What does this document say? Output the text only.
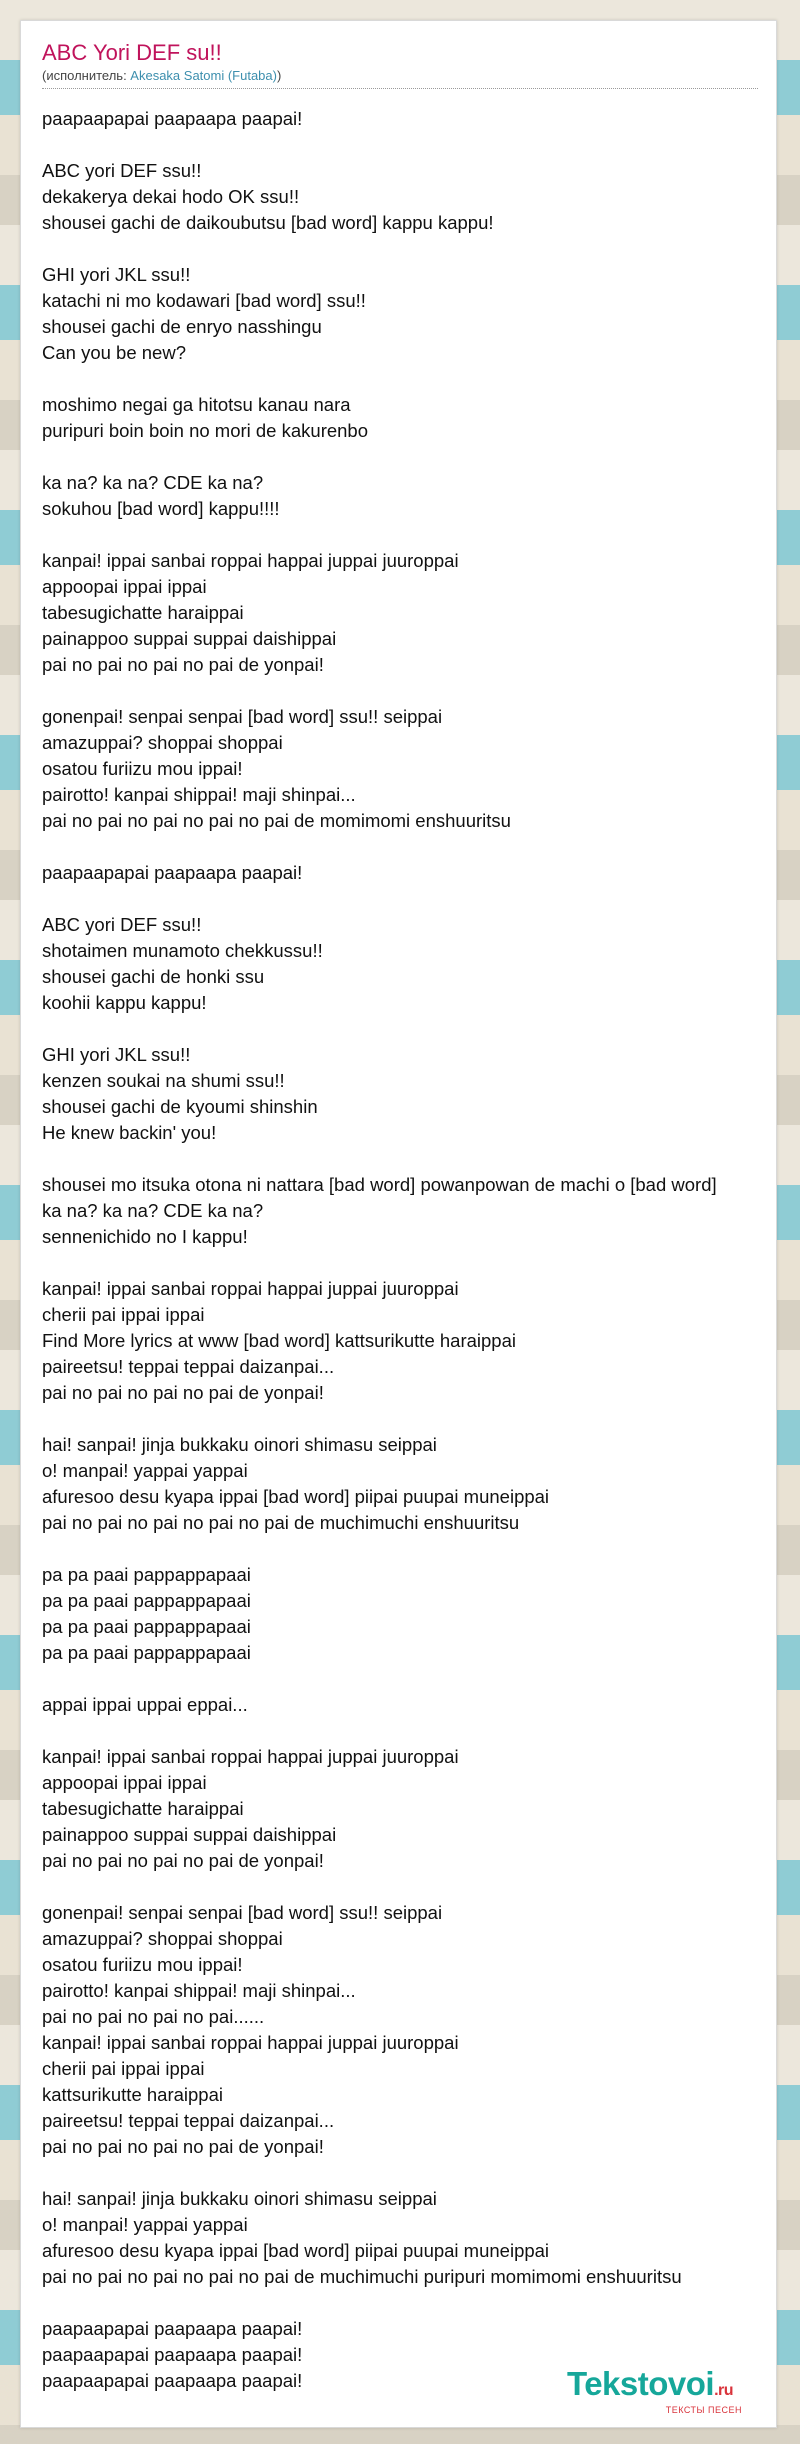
ABC Yori DEF su!!
(исполнитель: Akesaka Satomi (Futaba))
paapaapapai paapaapa paapai!
ABC yori DEF ssu!!
dekakerya dekai hodo OK ssu!!
shousei gachi de daikoubutsu [bad word] kappu kappu!
GHI yori JKL ssu!!
katachi ni mo kodawari [bad word] ssu!!
shousei gachi de enryo nasshingu
Can you be new?
moshimo negai ga hitotsu kanau nara
puripuri boin boin no mori de kakurenbo
ka na? ka na? CDE ka na?
sokuhou [bad word] kappu!!!!
kanpai! ippai sanbai roppai happai juppai juuroppai
appoopai ippai ippai
tabesugichatte haraippai
painappoo suppai suppai daishippai
pai no pai no pai no pai de yonpai!
gonenpai! senpai senpai [bad word] ssu!! seippai
amazuppai? shoppai shoppai
osatou furiizu mou ippai!
pairotto! kanpai shippai! maji shinpai...
pai no pai no pai no pai no pai de momimomi enshuuritsu
paapaapapai paapaapa paapai!
ABC yori DEF ssu!!
shotaimen munamoto chekkussu!!
shousei gachi de honki ssu
koohii kappu kappu!
GHI yori JKL ssu!!
kenzen soukai na shumi ssu!!
shousei gachi de kyoumi shinshin
He knew backin' you!
shousei mo itsuka otona ni nattara [bad word] powanpowan de machi o [bad word]
ka na? ka na? CDE ka na?
sennenichido no I kappu!
kanpai! ippai sanbai roppai happai juppai juuroppai
cherii pai ippai ippai
Find More lyrics at www [bad word] kattsurikutte haraippai
paireetsu! teppai teppai daizanpai...
pai no pai no pai no pai de yonpai!
hai! sanpai! jinja bukkaku oinori shimasu seippai
o! manpai! yappai yappai
afuresoo desu kyapa ippai [bad word] piipai puupai muneippai
pai no pai no pai no pai no pai de muchimuchi enshuuritsu
pa pa paai pappappapaai
pa pa paai pappappapaai
pa pa paai pappappapaai
pa pa paai pappappapaai
appai ippai uppai eppai...
kanpai! ippai sanbai roppai happai juppai juuroppai
appoopai ippai ippai
tabesugichatte haraippai
painappoo suppai suppai daishippai
pai no pai no pai no pai de yonpai!
gonenpai! senpai senpai [bad word] ssu!! seippai
amazuppai? shoppai shoppai
osatou furiizu mou ippai!
pairotto! kanpai shippai! maji shinpai...
pai no pai no pai no pai......
kanpai! ippai sanbai roppai happai juppai juuroppai
cherii pai ippai ippai
kattsurikutte haraippai
paireetsu! teppai teppai daizanpai...
pai no pai no pai no pai de yonpai!
hai! sanpai! jinja bukkaku oinori shimasu seippai
o! manpai! yappai yappai
afuresoo desu kyapa ippai [bad word] piipai puupai muneippai
pai no pai no pai no pai no pai de muchimuchi puripuri momimomi enshuuritsu
paapaapapai paapaapa paapai!
paapaapapai paapaapa paapai!
paapaapapai paapaapa paapai!	Tekstovoi.ru
ТЕКСТЫ ПЕСЕН
